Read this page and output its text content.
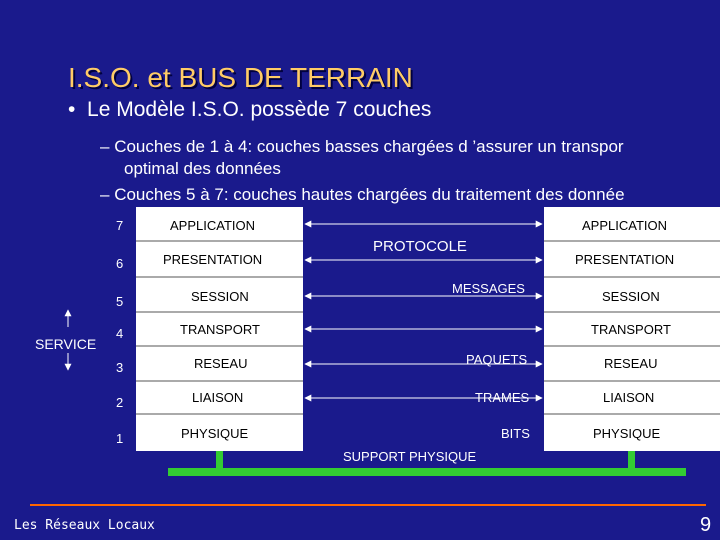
I.S.O. et BUS DE TERRAIN
• Le Modèle I.S.O. possède 7 couches
– Couches de 1 à 4: couches basses chargées d ’assurer un transpor
optimal des données
– Couches 5 à 7: couches hautes chargées du traitement des donnée
7
6
5
4
3
2
1
APPLICATION
PRESENTATION
SESSION
TRANSPORT
RESEAU
LIAISON
PHYSIQUE
APPLICATION
PRESENTATION
SESSION
TRANSPORT
RESEAU
LIAISON
PHYSIQUE
PROTOCOLE
MESSAGES
PAQUETS
TRAMES
BITS
SUPPORT PHYSIQUE
SERVICE
Les Réseaux Locaux	9
